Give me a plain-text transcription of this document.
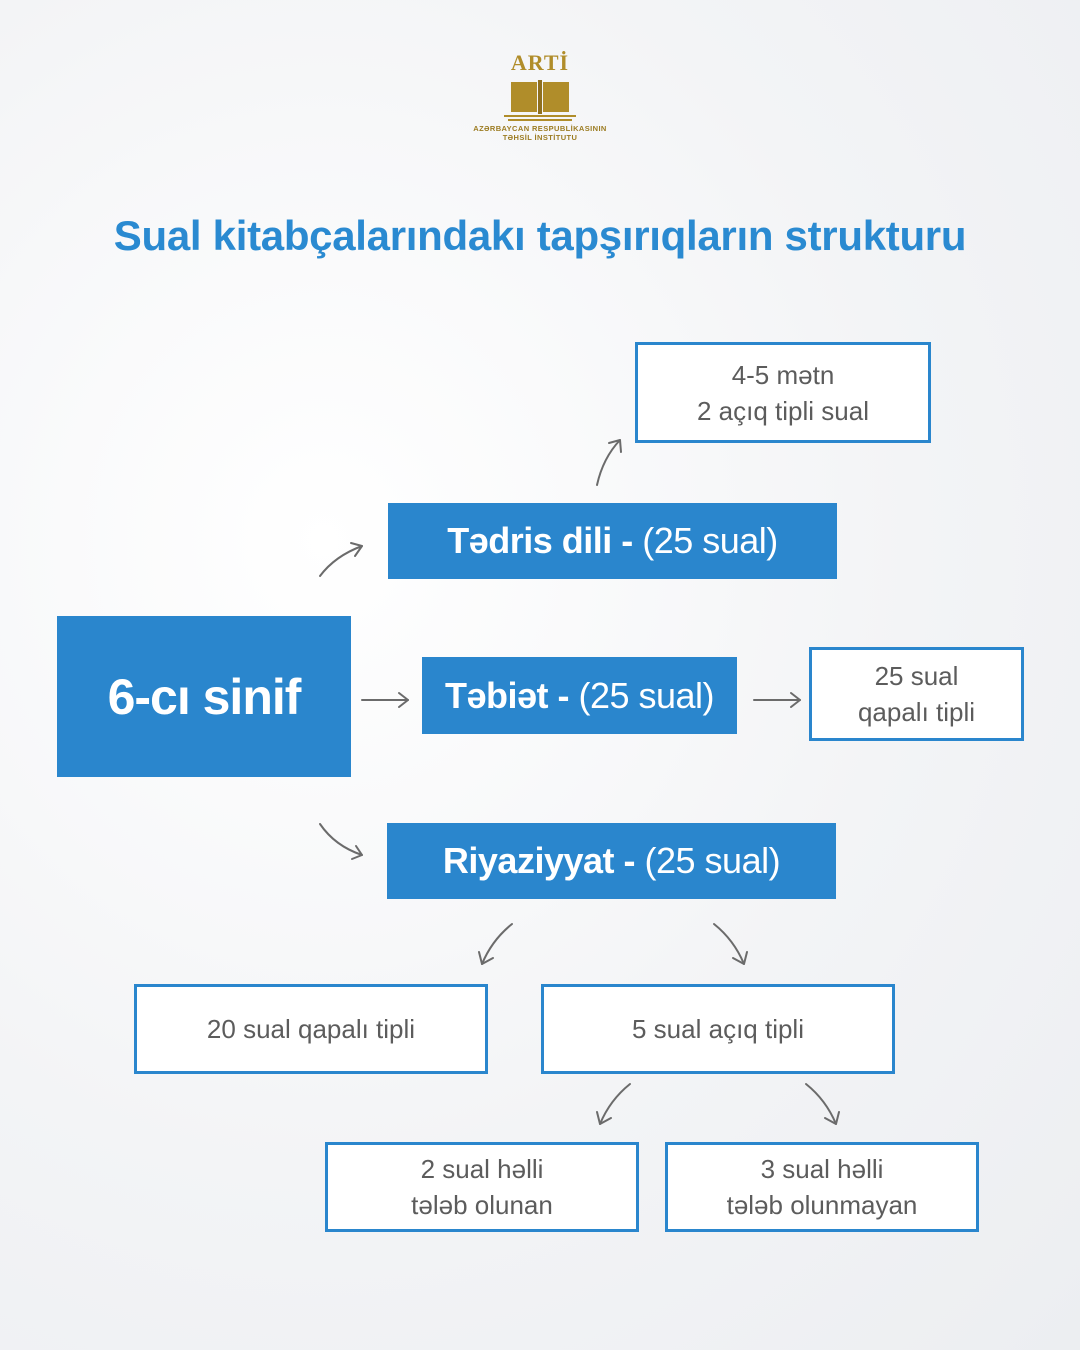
ARTİ
AZƏRBAYCAN RESPUBLİKASININ
TƏHSİL İNSTİTUTU
Sual kitabçalarındakı tapşırıqların strukturu
6-cı sinif
Tədris dili - (25 sual)
Təbiət - (25 sual)
Riyaziyyat - (25 sual)
4-5 mətn
2 açıq tipli sual
25 sual
qapalı tipli
20 sual qapalı tipli	5 sual açıq tipli
2 sual həlli
tələb olunan
3 sual həlli
tələb olunmayan
